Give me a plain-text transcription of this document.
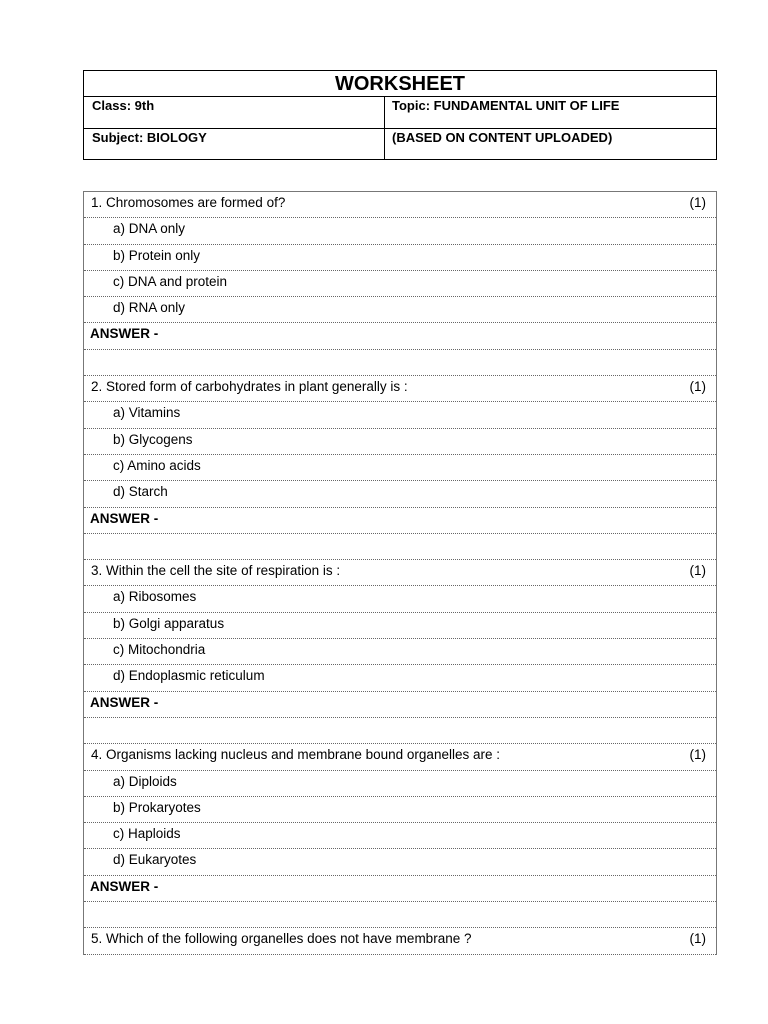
WORKSHEET
Class: 9th	Topic: FUNDAMENTAL UNIT OF LIFE
Subject: BIOLOGY	(BASED ON CONTENT UPLOADED)
1. Chromosomes are formed of?	(1)
a) DNA only
b) Protein only
c) DNA and protein
d) RNA only
ANSWER -
2. Stored form of carbohydrates in plant generally is :	(1)
a) Vitamins
b) Glycogens
c) Amino acids
d) Starch
ANSWER -
3. Within the cell the site of respiration is :	(1)
a) Ribosomes
b) Golgi apparatus
c) Mitochondria
d) Endoplasmic reticulum
ANSWER -
4. Organisms lacking nucleus and membrane bound organelles are :	(1)
a) Diploids
b) Prokaryotes
c) Haploids
d) Eukaryotes
ANSWER -
5. Which of the following organelles does not have membrane ?	(1)
